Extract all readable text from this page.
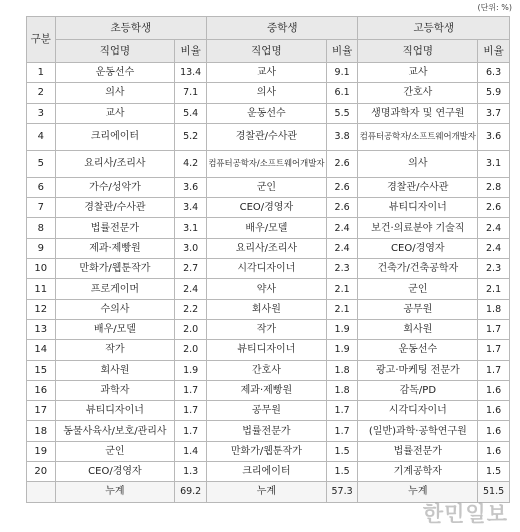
(단위: %)
구분	초등학생		중학생		고등학생	
	직업명	비율	직업명	비율	직업명	비율
1	운동선수	13.4	교사	9.1	교사	6.3
2	의사	7.1	의사	6.1	간호사	5.9
3	교사	5.4	운동선수	5.5	생명과학자 및 연구원	3.7
4	크리에이터	5.2	경찰관/수사관	3.8	컴퓨터공학자/소프트웨어개발자	3.6
5	요리사/조리사	4.2	컴퓨터공학자/소프트웨어개발자	2.6	의사	3.1
6	가수/성악가	3.6	군인	2.6	경찰관/수사관	2.8
7	경찰관/수사관	3.4	CEO/경영자	2.6	뷰티디자이너	2.6
8	법률전문가	3.1	배우/모델	2.4	보건·의료분야 기술직	2.4
9	제과·제빵원	3.0	요리사/조리사	2.4	CEO/경영자	2.4
10	만화가/웹툰작가	2.7	시각디자이너	2.3	건축가/건축공학자	2.3
11	프로게이머	2.4	약사	2.1	군인	2.1
12	수의사	2.2	회사원	2.1	공무원	1.8
13	배우/모델	2.0	작가	1.9	회사원	1.7
14	작가	2.0	뷰티디자이너	1.9	운동선수	1.7
15	회사원	1.9	간호사	1.8	광고·마케팅 전문가	1.7
16	과학자	1.7	제과·제빵원	1.8	감독/PD	1.6
17	뷰티디자이너	1.7	공무원	1.7	시각디자이너	1.6
18	동물사육사/보호/관리사	1.7	법률전문가	1.7	(일반)과학·공학연구원	1.6
19	군인	1.4	만화가/웹툰작가	1.5	법률전문가	1.6
20	CEO/경영자	1.3	크리에이터	1.5	기계공학자	1.5
	누계	69.2	누계	57.3	누계	51.5
한민일보
